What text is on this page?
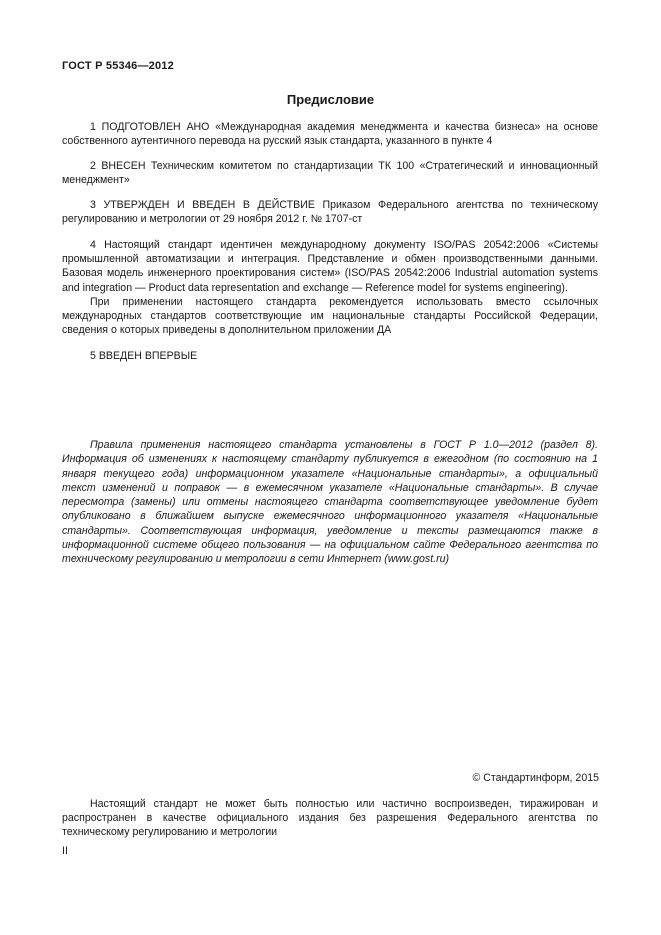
ГОСТ Р 55346—2012
Предисловие

1 ПОДГОТОВЛЕН АНО «Международная академия менеджмента и качества бизнеса» на основе собственного аутентичного перевода на русский язык стандарта, указанного в пункте 4

2 ВНЕСЕН Техническим комитетом по стандартизации ТК 100 «Стратегический и инновационный менеджмент»

3 УТВЕРЖДЕН И ВВЕДЕН В ДЕЙСТВИЕ Приказом Федерального агентства по техническому регулированию и метрологии от 29 ноября 2012 г. № 1707-ст

4 Настоящий стандарт идентичен международному документу ISO/PAS 20542:2006 «Системы промышленной автоматизации и интеграция. Представление и обмен производственными данными. Базовая модель инженерного проектирования систем» (ISO/PAS 20542:2006 Industrial automation systems and integration — Product data representation and exchange — Reference model for systems engineering).

При применении настоящего стандарта рекомендуется использовать вместо ссылочных международных стандартов соответствующие им национальные стандарты Российской Федерации, сведения о которых приведены в дополнительном приложении ДА

5 ВВЕДЕН ВПЕРВЫЕ

Правила применения настоящего стандарта установлены в ГОСТ Р 1.0—2012 (раздел 8). Информация об изменениях к настоящему стандарту публикуется в ежегодном (по состоянию на 1 января текущего года) информационном указателе «Национальные стандарты», а официальный текст изменений и поправок — в ежемесячном указателе «Национальные стандарты». В случае пересмотра (замены) или отмены настоящего стандарта соответствующее уведомление будет опубликовано в ближайшем выпуске ежемесячного информационного указателя «Национальные стандарты». Соответствующая информация, уведомление и тексты размещаются также в информационной системе общего пользования — на официальном сайте Федерального агентства по техническому регулированию и метрологии в сети Интернет (www.gost.ru)

© Стандартинформ, 2015

Настоящий стандарт не может быть полностью или частично воспроизведен, тиражирован и распространен в качестве официального издания без разрешения Федерального агентства по техническому регулированию и метрологии

II
